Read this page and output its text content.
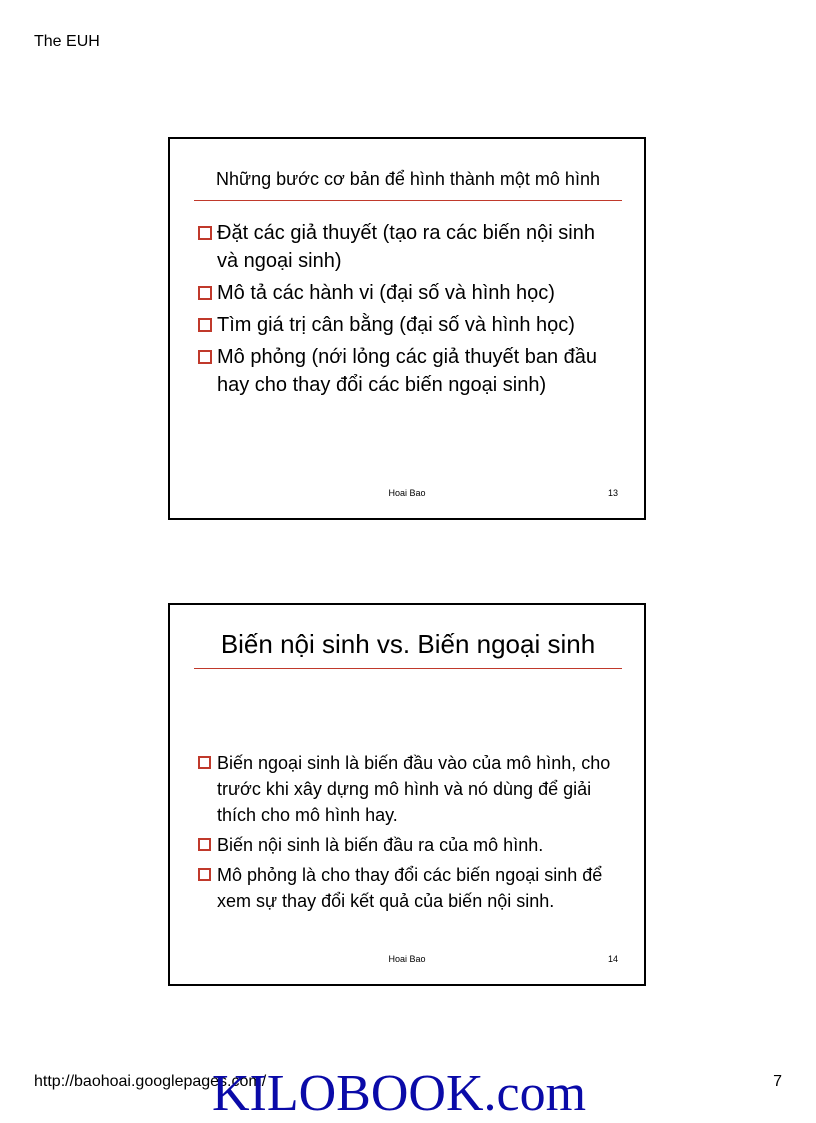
The EUH
Những bước cơ bản để hình thành một mô hình
Đặt các giả thuyết (tạo ra các biến nội sinh và ngoại sinh)
Mô tả các hành vi (đại số và hình học)
Tìm giá trị cân bằng (đại số và hình học)
Mô phỏng (nới lỏng các giả thuyết ban đầu hay cho thay đổi các biến ngoại sinh)
Hoai Bao	13
Biến nội sinh vs. Biến ngoại sinh
Biến ngoại sinh là biến đầu vào của mô hình, cho trước khi xây dựng mô hình và nó dùng để giải thích cho mô hình hay.
Biến nội sinh là biến đầu ra của mô hình.
Mô phỏng là cho thay đổi các biến ngoại sinh để xem sự thay đổi kết quả của biến nội sinh.
Hoai Bao	14
http://baohoai.googlepages.com/	7
KILOBOOK.com
